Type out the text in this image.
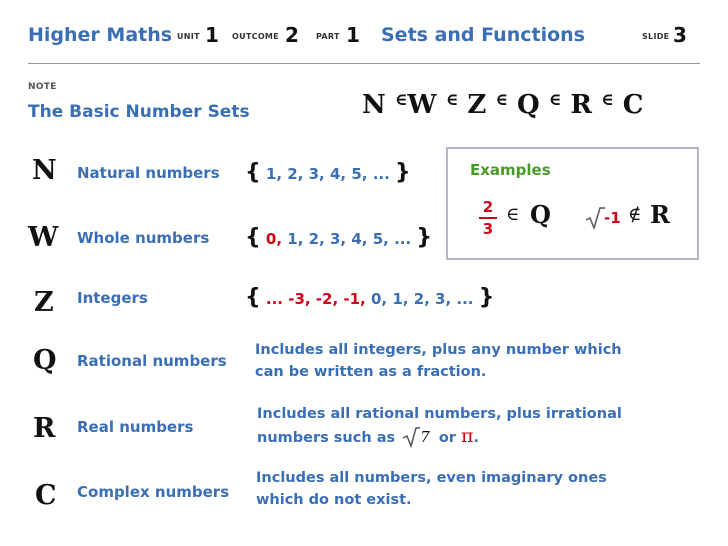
Higher Maths UNIT 1 OUTCOME 2 PART 1 Sets and Functions	SLIDE 3
NOTE
The Basic Number Sets	N ∈W ∈ Z ∈ Q ∈ R ∈ C
Examples
2
3
∈ Q	-1 ∉ R
N Natural numbers { 1, 2, 3, 4, 5, ... }
W Whole numbers { 0, 1, 2, 3, 4, 5, ... }
Z Integers	{ ... -3, -2, -1, 0, 1, 2, 3, ... }
Q Rational numbers
Includes all integers, plus any number which
can be written as a fraction.
R Real numbers
Includes all rational numbers, plus irrational
numbers such as 7 or π.
C Complex numbers
Includes all numbers, even imaginary ones
which do not exist.
